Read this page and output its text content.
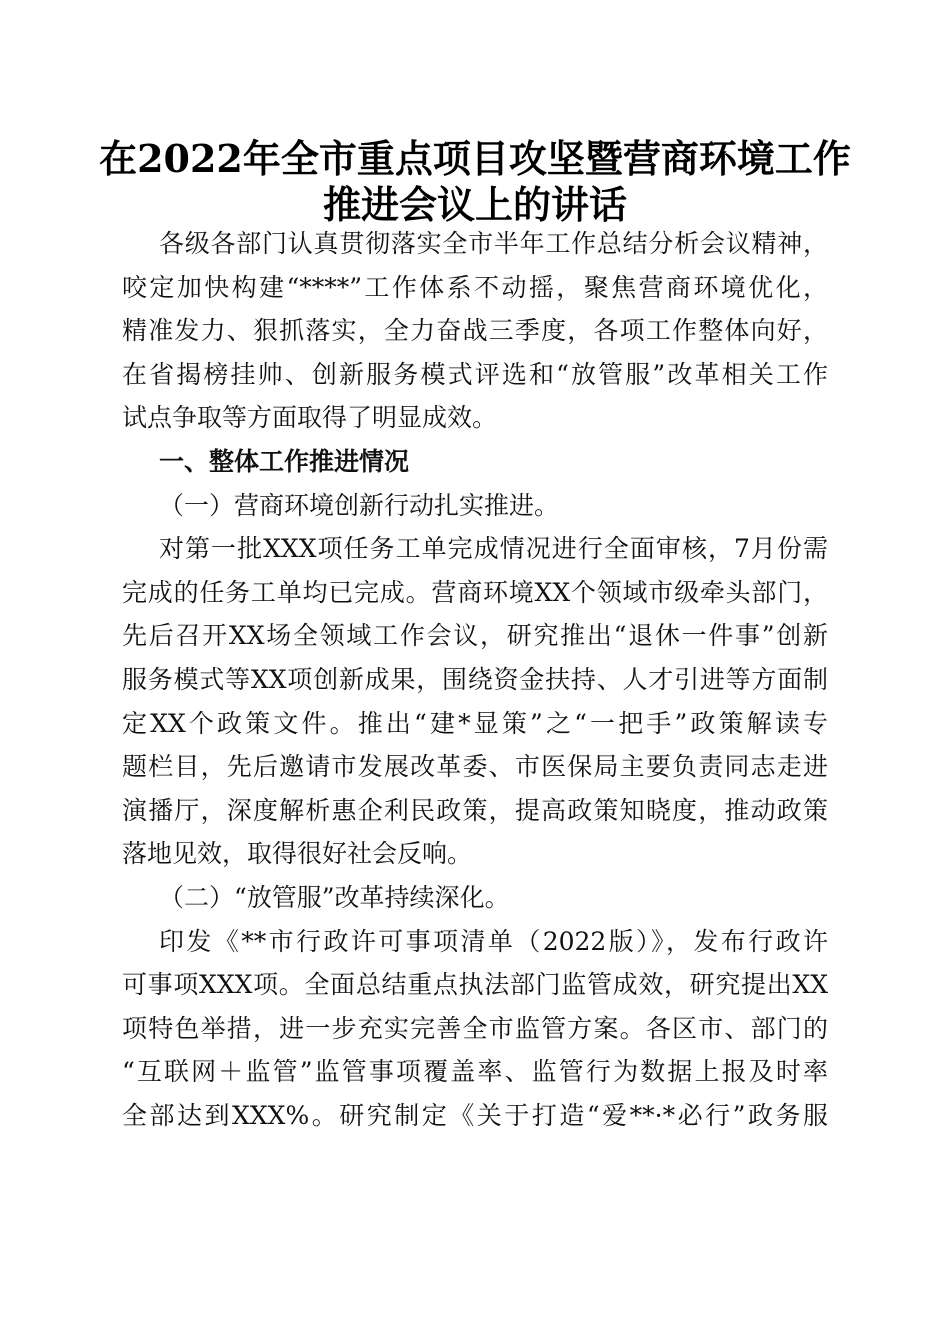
在2022年全市重点项目攻坚暨营商环境工作
推进会议上的讲话
各级各部门认真贯彻落实全市半年工作总结分析会议精神，
咬定加快构建“****”工作体系不动摇，聚焦营商环境优化，
精准发力、狠抓落实，全力奋战三季度，各项工作整体向好，
在省揭榜挂帅、创新服务模式评选和“放管服”改革相关工作
试点争取等方面取得了明显成效。
一、整体工作推进情况
（一）营商环境创新行动扎实推进。
对第一批XXX项任务工单完成情况进行全面审核，7月份需
完成的任务工单均已完成。营商环境XX个领域市级牵头部门，
先后召开XX场全领域工作会议，研究推出“退休一件事”创新
服务模式等XX项创新成果，围绕资金扶持、人才引进等方面制
定XX个政策文件。推出“建*显策”之“一把手”政策解读专
题栏目，先后邀请市发展改革委、市医保局主要负责同志走进
演播厅，深度解析惠企利民政策，提高政策知晓度，推动政策
落地见效，取得很好社会反响。
（二）“放管服”改革持续深化。
印发《**市行政许可事项清单（2022版）》，发布行政许
可事项XXX项。全面总结重点执法部门监管成效，研究提出XX
项特色举措，进一步充实完善全市监管方案。各区市、部门的
“互联网＋监管”监管事项覆盖率、监管行为数据上报及时率
全部达到XXX%。研究制定《关于打造“爱**·*必行”政务服
